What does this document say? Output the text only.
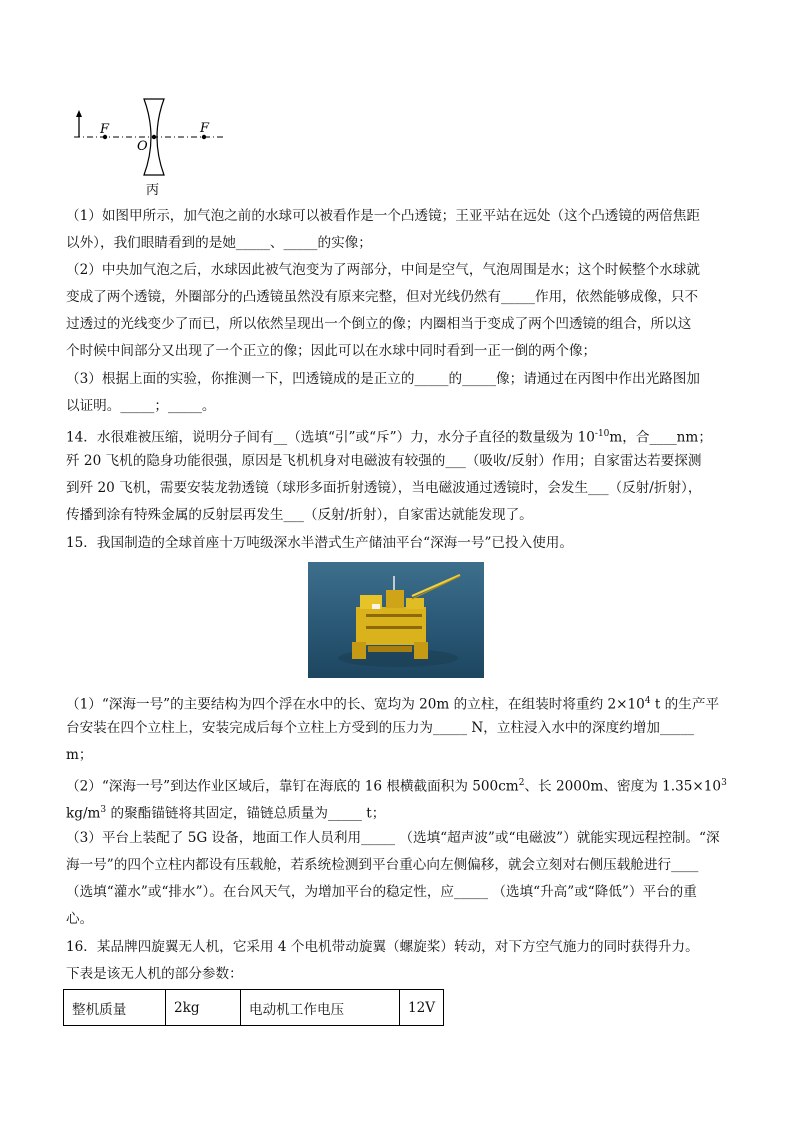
F
O
F
丙

（1）如图甲所示，加气泡之前的水球可以被看作是一个凸透镜；王亚平站在远处（这个凸透镜的两倍焦距

以外），我们眼睛看到的是她_____、_____的实像；

（2）中央加气泡之后，水球因此被气泡变为了两部分，中间是空气，气泡周围是水；这个时候整个水球就

变成了两个透镜，外圈部分的凸透镜虽然没有原来完整，但对光线仍然有_____作用，依然能够成像，只不

过透过的光线变少了而已，所以依然呈现出一个倒立的像；内圈相当于变成了两个凹透镜的组合，所以这

个时候中间部分又出现了一个正立的像；因此可以在水球中同时看到一正一倒的两个像；

（3）根据上面的实验，你推测一下，凹透镜成的是正立的_____的_____像；请通过在丙图中作出光路图加

以证明。_____；_____。

14．水很难被压缩，说明分子间有__（选填“引”或“斥”）力，水分子直径的数量级为 $10^{-10}m$，合____nm；

歼 20 飞机的隐身功能很强，原因是飞机机身对电磁波有较强的___（吸收/反射）作用；自家雷达若要探测

到歼 20 飞机，需要安装龙勃透镜（球形多面折射透镜），当电磁波通过透镜时，会发生___（反射/折射），

传播到涂有特殊金属的反射层再发生___（反射/折射），自家雷达就能发现了。

15．我国制造的全球首座十万吨级深水半潜式生产储油平台“深海一号”已投入使用。

（1）“深海一号”的主要结构为四个浮在水中的长、宽均为 20m 的立柱，在组装时将重约 $2\times 10^4$ t 的生产平

台安装在四个立柱上，安装完成后每个立柱上方受到的压力为_____ N，立柱浸入水中的深度约增加_____

m；

（2）“深海一号”到达作业区域后，靠钉在海底的 16 根横截面积为 $500cm^2$、长 2000m、密度为 $1.35\times 10^3$

$kg/m^3$ 的聚酯锚链将其固定，锚链总质量为_____ t；

（3）平台上装配了 5G 设备，地面工作人员利用_____ （选填“超声波”或“电磁波”）就能实现远程控制。“深

海一号”的四个立柱内都设有压载舱，若系统检测到平台重心向左侧偏移，就会立刻对右侧压载舱进行____

（选填“灌水”或“排水”）。在台风天气，为增加平台的稳定性，应_____ （选填“升高”或“降低”）平台的重

心。

16．某品牌四旋翼无人机，它采用 4 个电机带动旋翼（螺旋桨）转动，对下方空气施力的同时获得升力。

下表是该无人机的部分参数：

整机质量	2kg	电动机工作电压	12V
